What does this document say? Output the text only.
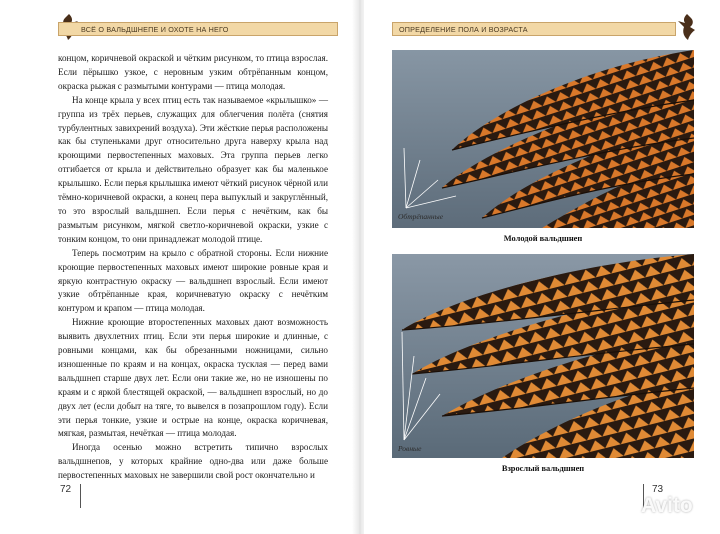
ВСЁ О ВАЛЬДШНЕПЕ И ОХОТЕ НА НЕГО

концом, коричневой окраской и чётким рисунком, то птица взрослая. Если пёрышко узкое, с неровным узким обтрёпанным концом, окраска рыжая с размытыми контурами — птица молодая.

На конце крыла у всех птиц есть так называемое «крылышко» — группа из трёх перьев, служащих для облегчения полёта (снятия турбулентных завихрений воздуха). Эти жёсткие перья расположены как бы ступеньками друг относительно друга наверху крыла над кроющими первостепенных маховых. Эта группа перьев легко отгибается от крыла и действительно образует как бы маленькое крылышко. Если перья крылышка имеют чёткий рисунок чёрной или тёмно-коричневой окраски, а конец пера выпуклый и закруглённый, то это взрослый вальдшнеп. Если перья с нечётким, как бы размытым рисунком, мягкой светло-коричневой окраски, узкие с тонким концом, то они принадлежат молодой птице.

Теперь посмотрим на крыло с обратной стороны. Если нижние кроющие первостепенных маховых имеют широкие ровные края и яркую контрастную окраску — вальдшнеп взрослый. Если имеют узкие обтрёпанные края, коричневатую окраску с нечётким контуром и крапом — птица молодая.

Нижние кроющие второстепенных маховых дают возможность выявить двухлетних птиц. Если эти перья широкие и длинные, с ровными концами, как бы обрезанными ножницами, сильно изношенные по краям и на концах, окраска тусклая — перед вами вальдшнеп старше двух лет. Если они такие же, но не изношены по краям и с яркой блестящей окраской, — вальдшнеп взрослый, но до двух лет (если добыт на тяге, то вывелся в позапрошлом году). Если эти перья тонкие, узкие и острые на конце, окраска коричневая, мягкая, размытая, нечёткая — птица молодая.

Иногда осенью можно встретить типично взрослых вальдшнепов, у которых крайние одно-два или даже больше первостепенных маховых не завершили свой рост окончательно и

72
ОПРЕДЕЛЕНИЕ ПОЛА И ВОЗРАСТА
Обтрёпанные
Молодой вальдшнеп
Ровные
Взрослый вальдшнеп
73
Avito
